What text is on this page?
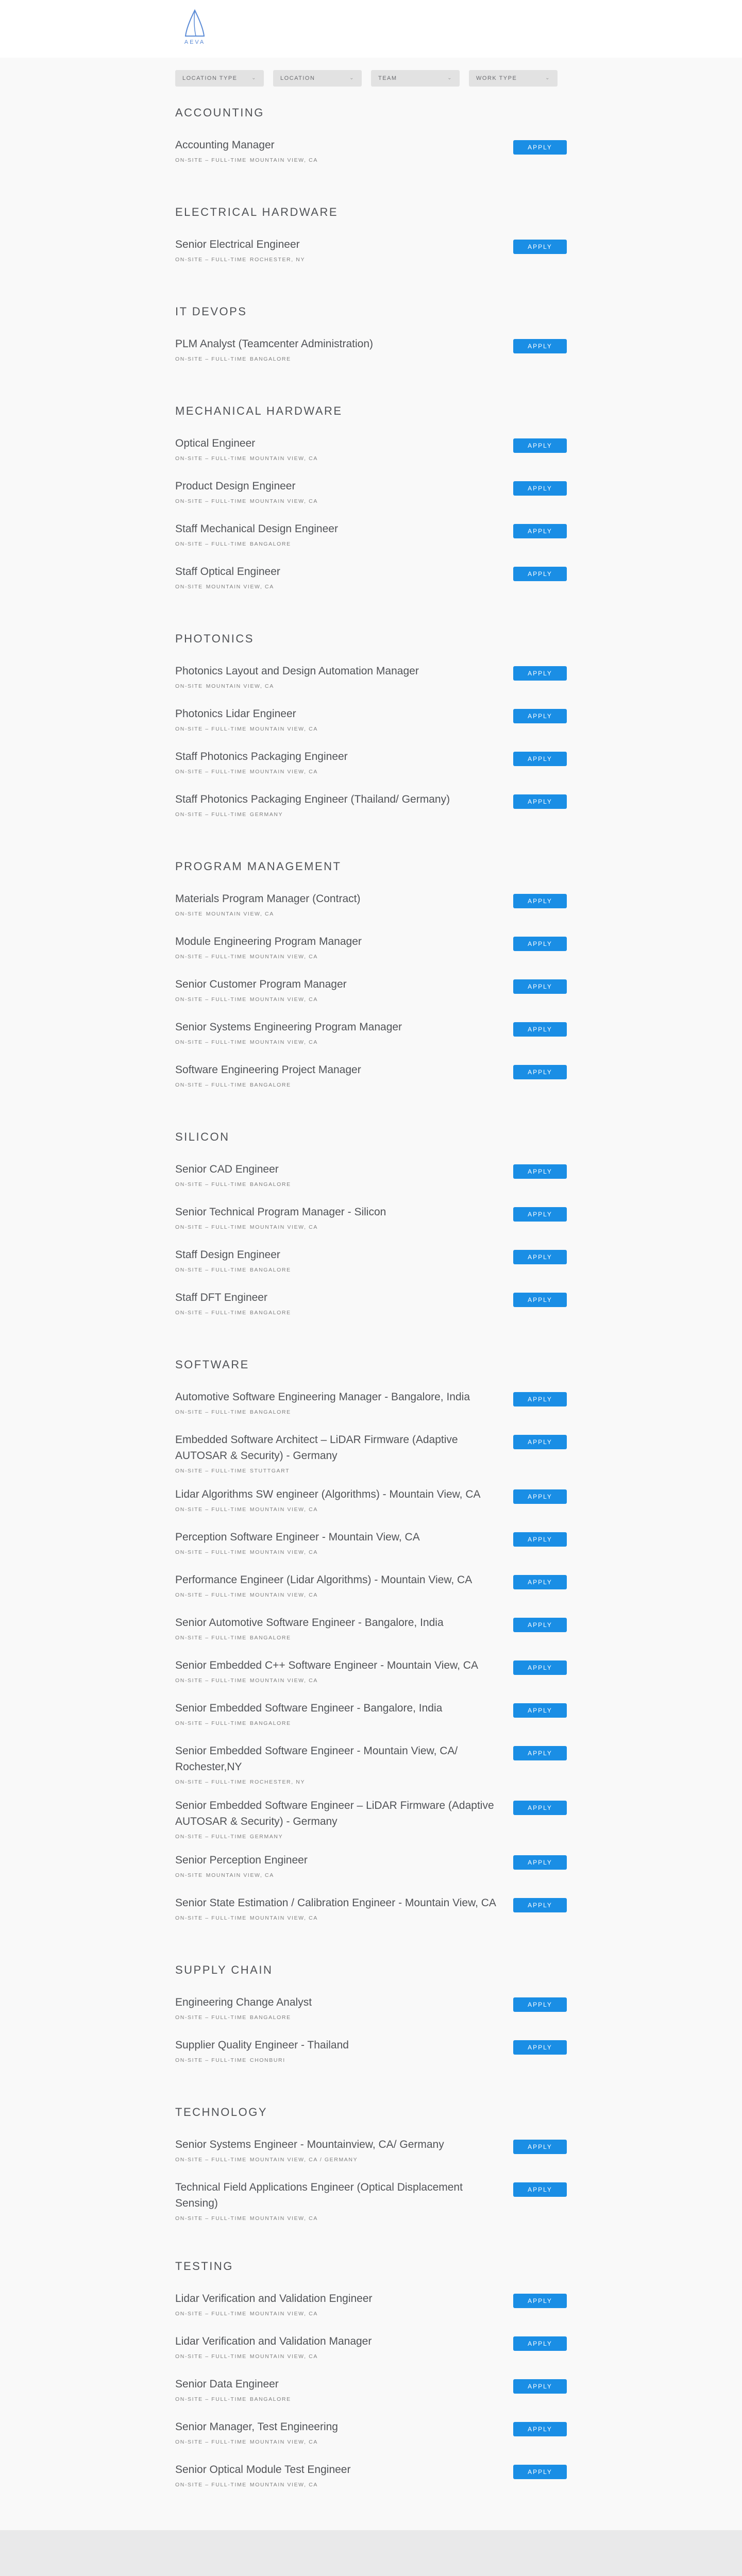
AEVA
LOCATION TYPE	⌄	LOCATION	⌄	TEAM	⌄	WORK TYPE	⌄
ACCOUNTING
Accounting Manager
ON-SITE – FULL-TIME MOUNTAIN VIEW, CA
APPLY
ELECTRICAL HARDWARE
Senior Electrical Engineer
ON-SITE – FULL-TIME ROCHESTER, NY
APPLY
IT DEVOPS
PLM Analyst (Teamcenter Administration)
ON-SITE – FULL-TIME BANGALORE
APPLY
MECHANICAL HARDWARE
Optical Engineer
ON-SITE – FULL-TIME MOUNTAIN VIEW, CA
APPLY
Product Design Engineer
ON-SITE – FULL-TIME MOUNTAIN VIEW, CA
APPLY
Staff Mechanical Design Engineer
ON-SITE – FULL-TIME BANGALORE
APPLY
Staff Optical Engineer
ON-SITE MOUNTAIN VIEW, CA
APPLY
PHOTONICS
Photonics Layout and Design Automation Manager
ON-SITE MOUNTAIN VIEW, CA
APPLY
Photonics Lidar Engineer
ON-SITE – FULL-TIME MOUNTAIN VIEW, CA
APPLY
Staff Photonics Packaging Engineer
ON-SITE – FULL-TIME MOUNTAIN VIEW, CA
APPLY
Staff Photonics Packaging Engineer (Thailand/ Germany)
ON-SITE – FULL-TIME GERMANY
APPLY
PROGRAM MANAGEMENT
Materials Program Manager (Contract)
ON-SITE MOUNTAIN VIEW, CA
APPLY
Module Engineering Program Manager
ON-SITE – FULL-TIME MOUNTAIN VIEW, CA
APPLY
Senior Customer Program Manager
ON-SITE – FULL-TIME MOUNTAIN VIEW, CA
APPLY
Senior Systems Engineering Program Manager
ON-SITE – FULL-TIME MOUNTAIN VIEW, CA
APPLY
Software Engineering Project Manager
ON-SITE – FULL-TIME BANGALORE
APPLY
SILICON
Senior CAD Engineer
ON-SITE – FULL-TIME BANGALORE
APPLY
Senior Technical Program Manager - Silicon
ON-SITE – FULL-TIME MOUNTAIN VIEW, CA
APPLY
Staff Design Engineer
ON-SITE – FULL-TIME BANGALORE
APPLY
Staff DFT Engineer
ON-SITE – FULL-TIME BANGALORE
APPLY
SOFTWARE
Automotive Software Engineering Manager - Bangalore, India
ON-SITE – FULL-TIME BANGALORE
APPLY
Embedded Software Architect – LiDAR Firmware (Adaptive AUTOSAR & Security) - Germany
ON-SITE – FULL-TIME STUTTGART
APPLY
Lidar Algorithms SW engineer (Algorithms) - Mountain View, CA
ON-SITE – FULL-TIME MOUNTAIN VIEW, CA
APPLY
Perception Software Engineer - Mountain View, CA
ON-SITE – FULL-TIME MOUNTAIN VIEW, CA
APPLY
Performance Engineer (Lidar Algorithms) - Mountain View, CA
ON-SITE – FULL-TIME MOUNTAIN VIEW, CA
APPLY
Senior Automotive Software Engineer - Bangalore, India
ON-SITE – FULL-TIME BANGALORE
APPLY
Senior Embedded C++ Software Engineer - Mountain View, CA
ON-SITE – FULL-TIME MOUNTAIN VIEW, CA
APPLY
Senior Embedded Software Engineer - Bangalore, India
ON-SITE – FULL-TIME BANGALORE
APPLY
Senior Embedded Software Engineer - Mountain View, CA/ Rochester,NY
ON-SITE – FULL-TIME ROCHESTER, NY
APPLY
Senior Embedded Software Engineer – LiDAR Firmware (Adaptive AUTOSAR & Security) - Germany
ON-SITE – FULL-TIME GERMANY
APPLY
Senior Perception Engineer
ON-SITE MOUNTAIN VIEW, CA
APPLY
Senior State Estimation / Calibration Engineer - Mountain View, CA
ON-SITE – FULL-TIME MOUNTAIN VIEW, CA
APPLY
SUPPLY CHAIN
Engineering Change Analyst
ON-SITE – FULL-TIME BANGALORE
APPLY
Supplier Quality Engineer - Thailand
ON-SITE – FULL-TIME CHONBURI
APPLY
TECHNOLOGY
Senior Systems Engineer - Mountainview, CA/ Germany
ON-SITE – FULL-TIME MOUNTAIN VIEW, CA / GERMANY
APPLY
Technical Field Applications Engineer (Optical Displacement Sensing)
ON-SITE – FULL-TIME MOUNTAIN VIEW, CA
APPLY
TESTING
Lidar Verification and Validation Engineer
ON-SITE – FULL-TIME MOUNTAIN VIEW, CA
APPLY
Lidar Verification and Validation Manager
ON-SITE – FULL-TIME MOUNTAIN VIEW, CA
APPLY
Senior Data Engineer
ON-SITE – FULL-TIME BANGALORE
APPLY
Senior Manager, Test Engineering
ON-SITE – FULL-TIME MOUNTAIN VIEW, CA
APPLY
Senior Optical Module Test Engineer
ON-SITE – FULL-TIME MOUNTAIN VIEW, CA
APPLY
